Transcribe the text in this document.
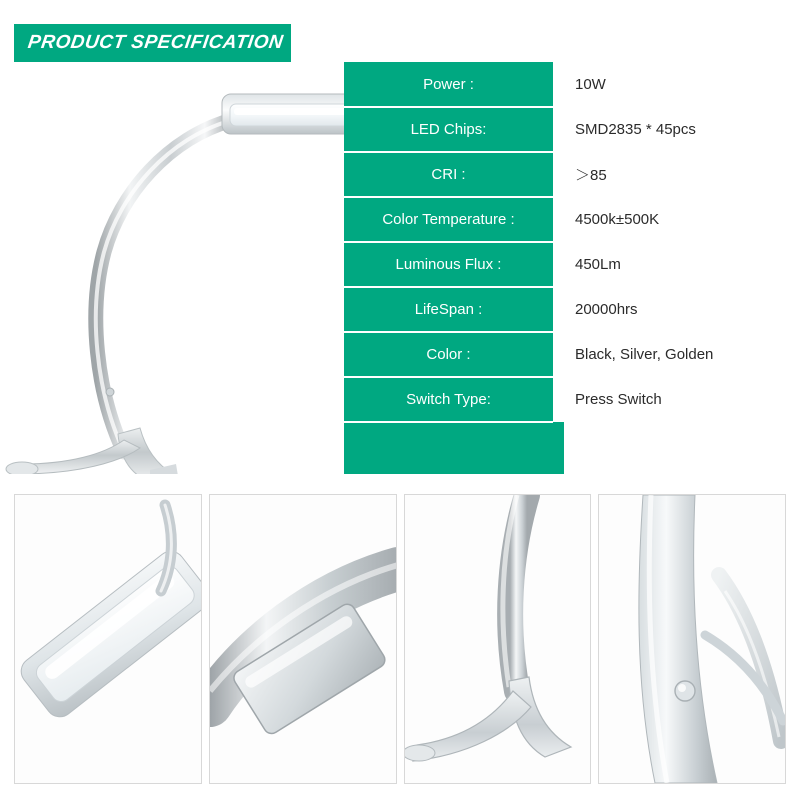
PRODUCT SPECIFICATION
Power :	10W
LED Chips:	SMD2835 * 45pcs
CRI :	＞85
Color Temperature :	4500k±500K
Luminous Flux :	450Lm
LifeSpan :	20000hrs
Color :	Black, Silver, Golden
Switch Type:	Press Switch
